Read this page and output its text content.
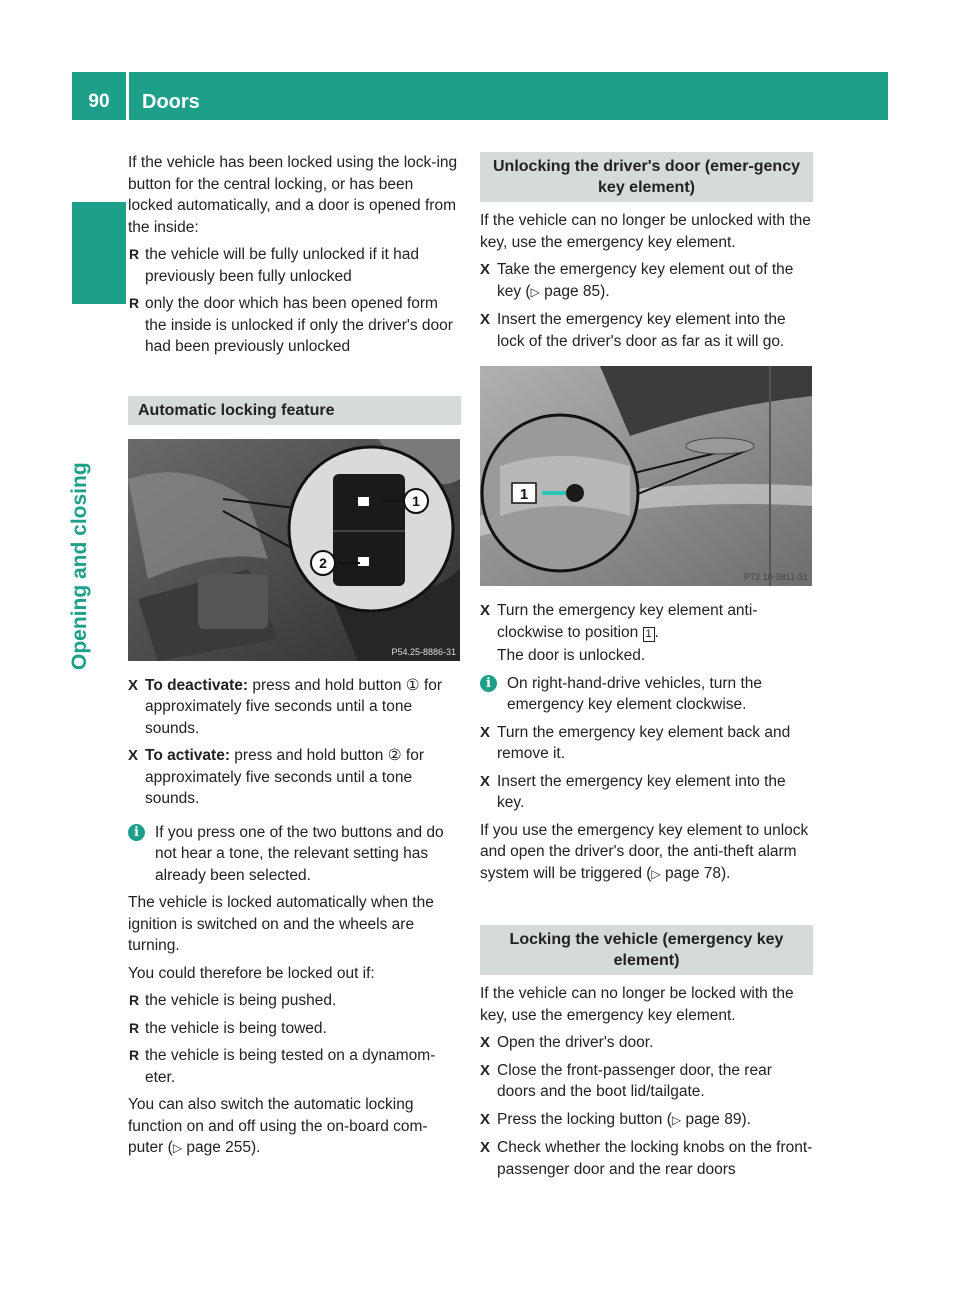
90	Doors
Opening and closing

If the vehicle has been locked using the lock-ing button for the central locking, or has been locked automatically, and a door is opened from the inside:

R the vehicle will be fully unlocked if it had previously been fully unlocked
R only the door which has been opened form the inside is unlocked if only the driver's door had been previously unlocked
Automatic locking feature
1
2
P54.25-8886-31
X To deactivate: press and hold button ① for approximately five seconds until a tone sounds.
X To activate: press and hold button ② for approximately five seconds until a tone sounds.
i	If you press one of the two buttons and do not hear a tone, the relevant setting has already been selected.

The vehicle is locked automatically when the ignition is switched on and the wheels are turning.

You could therefore be locked out if:

R the vehicle is being pushed.
R the vehicle is being towed.
R the vehicle is being tested on a dynamom-eter.

You can also switch the automatic locking function on and off using the on-board com-puter (▷ page 255).

Unlocking the driver's door (emer-gency key element)

If the vehicle can no longer be unlocked with the key, use the emergency key element.

X Take the emergency key element out of the key (▷ page 85).
X Insert the emergency key element into the lock of the driver's door as far as it will go.
1
P72.10-3811-31
X Turn the emergency key element anti-clockwise to position 1 .

The door is unlocked.

i	On right-hand-drive vehicles, turn the emergency key element clockwise.
X Turn the emergency key element back and remove it.
X Insert the emergency key element into the key.

If you use the emergency key element to unlock and open the driver's door, the anti-theft alarm system will be triggered (▷ page 78).

Locking the vehicle (emergency key element)

If the vehicle can no longer be locked with the key, use the emergency key element.

X Open the driver's door.
X Close the front-passenger door, the rear doors and the boot lid/tailgate.
X Press the locking button (▷ page 89).
X Check whether the locking knobs on the front-passenger door and the rear doors
